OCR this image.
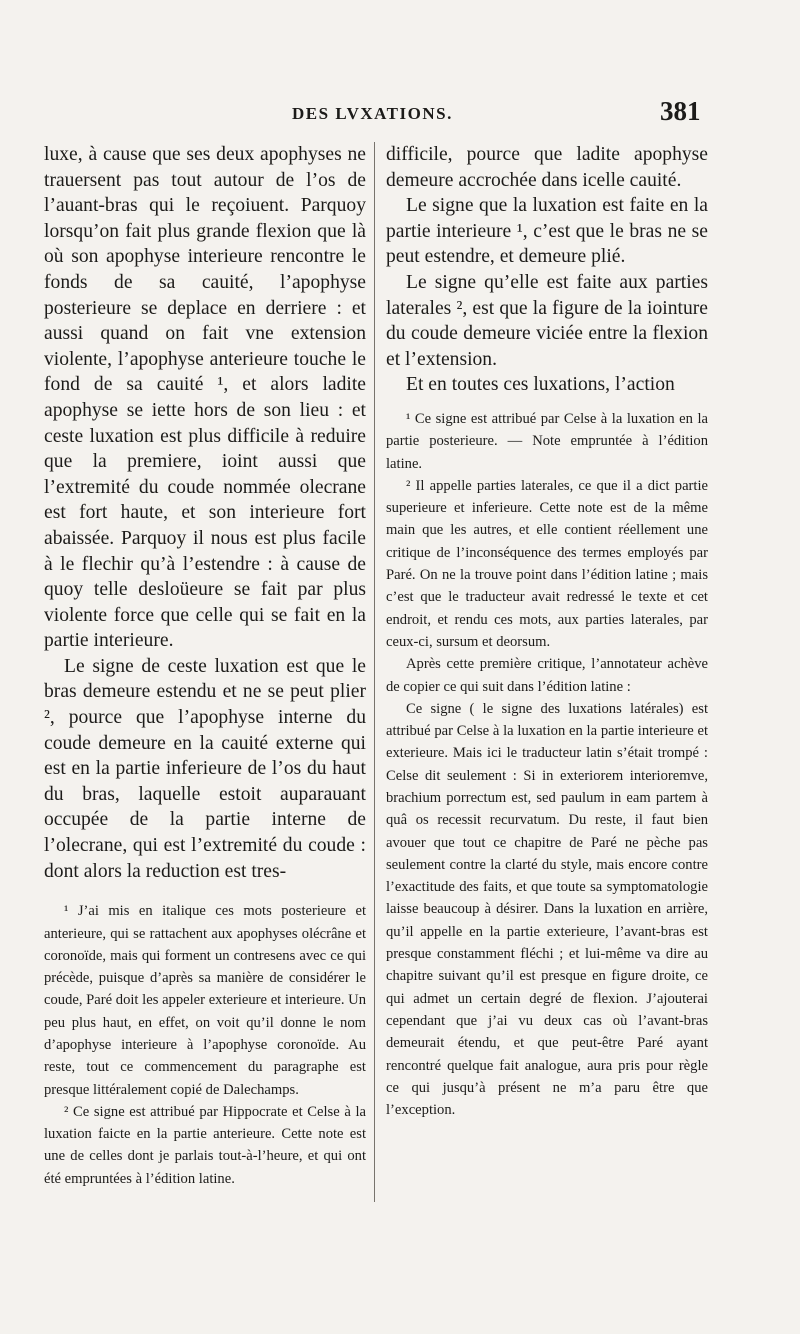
DES LVXATIONS.	381

luxe, à cause que ses deux apophyses ne trauersent pas tout autour de l’os de l’auant-bras qui le reçoiuent. Parquoy lorsqu’on fait plus grande flexion que là où son apophyse interieure rencontre le fonds de sa cauité, l’apophyse posterieure se deplace en derriere : et aussi quand on fait vne extension violente, l’apophyse anterieure touche le fond de sa cauité ¹, et alors ladite apophyse se iette hors de son lieu : et ceste luxation est plus difficile à reduire que la premiere, ioint aussi que l’extremité du coude nommée olecrane est fort haute, et son interieure fort abaissée. Parquoy il nous est plus facile à le flechir qu’à l’estendre : à cause de quoy telle desloüeure se fait par plus violente force que celle qui se fait en la partie interieure.

Le signe de ceste luxation est que le bras demeure estendu et ne se peut plier ², pource que l’apophyse interne du coude demeure en la cauité externe qui est en la partie inferieure de l’os du haut du bras, laquelle estoit auparauant occupée de la partie interne de l’olecrane, qui est l’extremité du coude : dont alors la reduction est tres-

¹ J’ai mis en italique ces mots posterieure et anterieure, qui se rattachent aux apophyses olécrâne et coronoïde, mais qui forment un contresens avec ce qui précède, puisque d’après sa manière de considérer le coude, Paré doit les appeler exterieure et interieure. Un peu plus haut, en effet, on voit qu’il donne le nom d’apophyse interieure à l’apophyse coronoïde. Au reste, tout ce commencement du paragraphe est presque littéralement copié de Dalechamps.

² Ce signe est attribué par Hippocrate et Celse à la luxation faicte en la partie anterieure. Cette note est une de celles dont je parlais tout-à-l’heure, et qui ont été empruntées à l’édition latine.

difficile, pource que ladite apophyse demeure accrochée dans icelle cauité.

Le signe que la luxation est faite en la partie interieure ¹, c’est que le bras ne se peut estendre, et demeure plié.

Le signe qu’elle est faite aux parties laterales ², est que la figure de la iointure du coude demeure viciée entre la flexion et l’extension.

Et en toutes ces luxations, l’action

¹ Ce signe est attribué par Celse à la luxation en la partie posterieure. — Note empruntée à l’édition latine.

² Il appelle parties laterales, ce que il a dict partie superieure et inferieure. Cette note est de la même main que les autres, et elle contient réellement une critique de l’inconséquence des termes employés par Paré. On ne la trouve point dans l’édition latine ; mais c’est que le traducteur avait redressé le texte et cet endroit, et rendu ces mots, aux parties laterales, par ceux-ci, sursum et deorsum.

Après cette première critique, l’annotateur achève de copier ce qui suit dans l’édition latine :

Ce signe ( le signe des luxations latérales) est attribué par Celse à la luxation en la partie interieure et exterieure. Mais ici le traducteur latin s’était trompé : Celse dit seulement : Si in exteriorem interioremve, brachium porrectum est, sed paulum in eam partem à quâ os recessit recurvatum. Du reste, il faut bien avouer que tout ce chapitre de Paré ne pèche pas seulement contre la clarté du style, mais encore contre l’exactitude des faits, et que toute sa symptomatologie laisse beaucoup à désirer. Dans la luxation en arrière, qu’il appelle en la partie exterieure, l’avant-bras est presque constamment fléchi ; et lui-même va dire au chapitre suivant qu’il est presque en figure droite, ce qui admet un certain degré de flexion. J’ajouterai cependant que j’ai vu deux cas où l’avant-bras demeurait étendu, et que peut-être Paré ayant rencontré quelque fait analogue, aura pris pour règle ce qui jusqu’à présent ne m’a paru être que l’exception.
